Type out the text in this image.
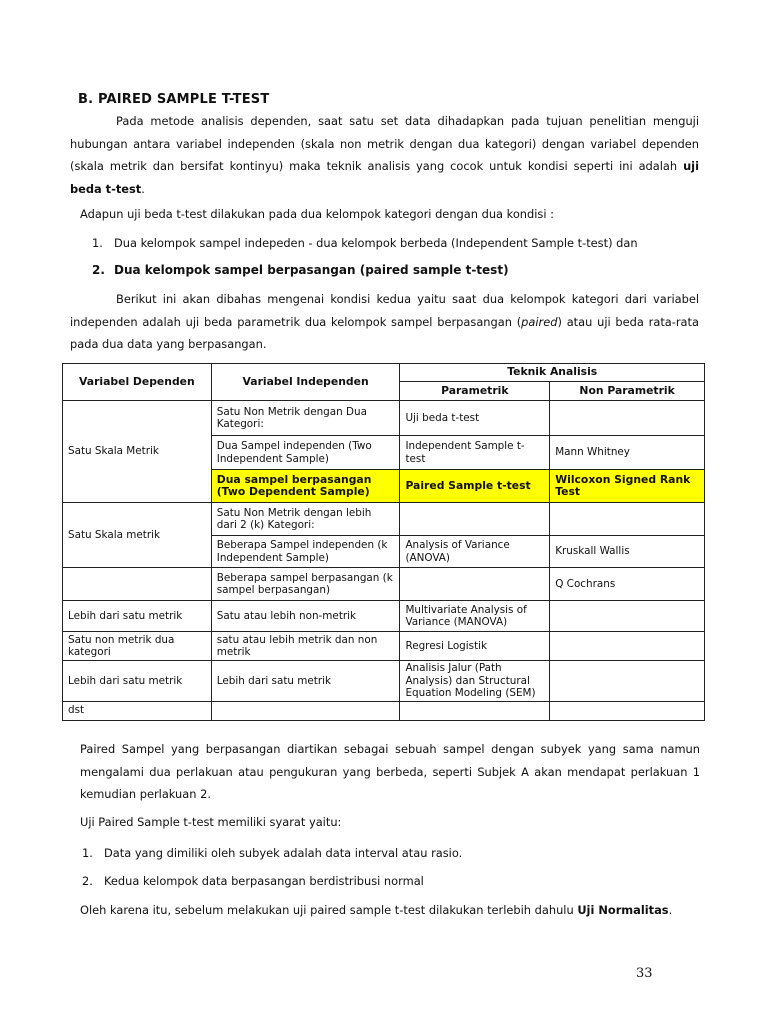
B. PAIRED SAMPLE T-TEST
Pada metode analisis dependen, saat satu set data dihadapkan pada tujuan penelitian menguji hubungan antara variabel independen (skala non metrik dengan dua kategori) dengan variabel dependen (skala metrik dan bersifat kontinyu) maka teknik analisis yang cocok untuk kondisi seperti ini adalah uji beda t-test.
Adapun uji beda t-test dilakukan pada dua kelompok kategori dengan dua kondisi :
1. Dua kelompok sampel indepeden - dua kelompok berbeda (Independent Sample t-test) dan
2. Dua kelompok sampel berpasangan (paired sample t-test)
Berikut ini akan dibahas mengenai kondisi kedua yaitu saat dua kelompok kategori dari variabel independen adalah uji beda parametrik dua kelompok sampel berpasangan (paired) atau uji beda rata-rata pada dua data yang berpasangan.
Variabel Dependen	Variabel Independen	Teknik Analisis	
		Parametrik	Non Parametrik
Satu Skala Metrik	Satu Non Metrik dengan Dua Kategori:	Uji beda t-test	
	Dua Sampel independen (Two Independent Sample)	Independent Sample t-test	Mann Whitney
	Dua sampel berpasangan (Two Dependent Sample)	Paired Sample t-test	Wilcoxon Signed Rank Test
Satu Skala metrik	Satu Non Metrik dengan lebih dari 2 (k) Kategori:		
	Beberapa Sampel independen (k Independent Sample)	Analysis of Variance (ANOVA)	Kruskall Wallis
	Beberapa sampel berpasangan (k sampel berpasangan)		Q Cochrans
Lebih dari satu metrik	Satu atau lebih non-metrik	Multivariate Analysis of Variance (MANOVA)	
Satu non metrik dua kategori	satu atau lebih metrik dan non metrik	Regresi Logistik	
Lebih dari satu metrik	Lebih dari satu metrik	Analisis Jalur (Path Analysis) dan Structural Equation Modeling (SEM)	
dst			
Paired Sampel yang berpasangan diartikan sebagai sebuah sampel dengan subyek yang sama namun mengalami dua perlakuan atau pengukuran yang berbeda, seperti Subjek A akan mendapat perlakuan 1 kemudian perlakuan 2.
Uji Paired Sample t-test memiliki syarat yaitu:
1. Data yang dimiliki oleh subyek adalah data interval atau rasio.
2. Kedua kelompok data berpasangan berdistribusi normal
Oleh karena itu, sebelum melakukan uji paired sample t-test dilakukan terlebih dahulu Uji Normalitas.
33
